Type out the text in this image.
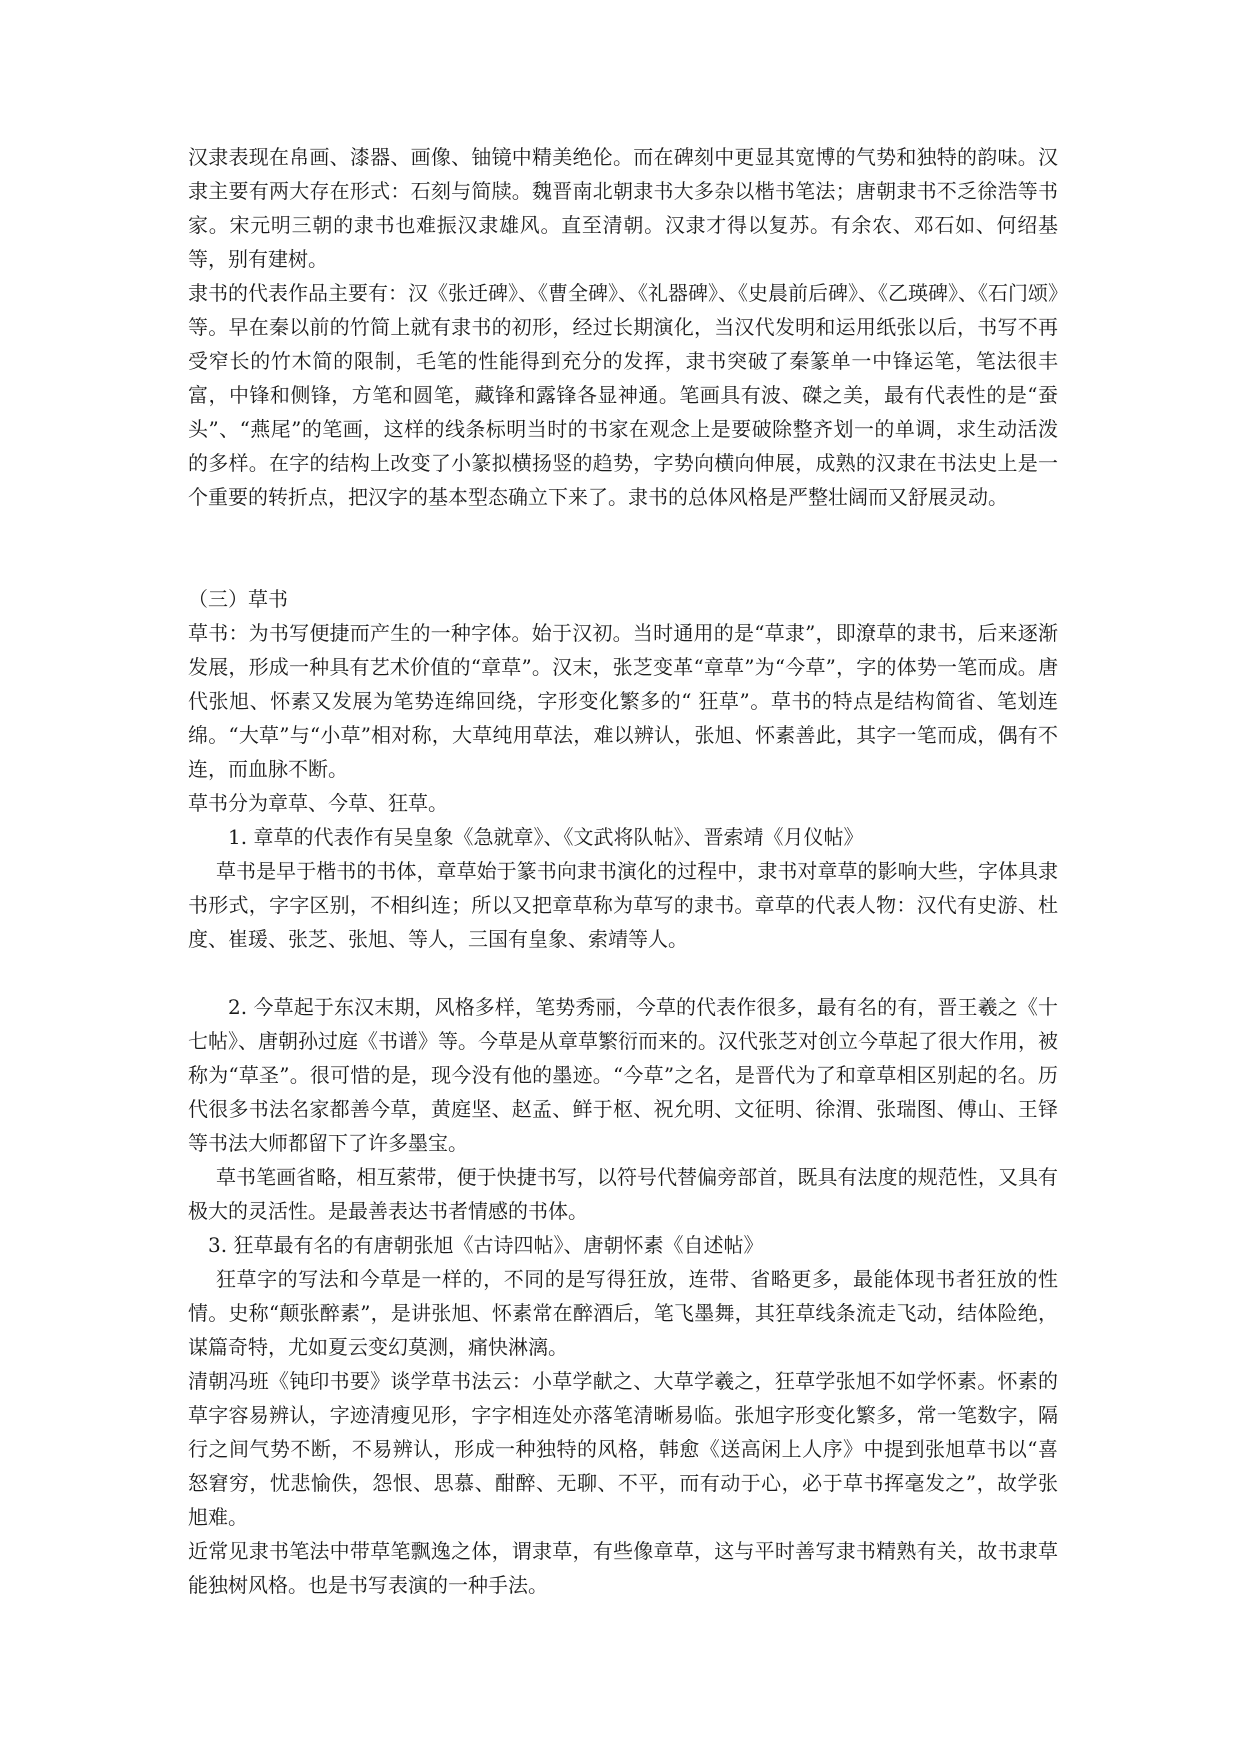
汉隶表现在帛画、漆器、画像、铀镜中精美绝伦。而在碑刻中更显其宽博的气势和独特的韵味。汉隶主要有两大存在形式：石刻与简牍。魏晋南北朝隶书大多杂以楷书笔法；唐朝隶书不乏徐浩等书家。宋元明三朝的隶书也难振汉隶雄风。直至清朝。汉隶才得以复苏。有余农、邓石如、何绍基等，别有建树。

隶书的代表作品主要有：汉《张迁碑》、《曹全碑》、《礼器碑》、《史晨前后碑》、《乙瑛碑》、《石门颂》等。早在秦以前的竹简上就有隶书的初形，经过长期演化，当汉代发明和运用纸张以后，书写不再受窄长的竹木简的限制，毛笔的性能得到充分的发挥，隶书突破了秦篆单一中锋运笔，笔法很丰富，中锋和侧锋，方笔和圆笔，藏锋和露锋各显神通。笔画具有波、磔之美，最有代表性的是“蚕头”、“燕尾”的笔画，这样的线条标明当时的书家在观念上是要破除整齐划一的单调，求生动活泼的多样。在字的结构上改变了小篆拟横扬竖的趋势，字势向横向伸展，成熟的汉隶在书法史上是一个重要的转折点，把汉字的基本型态确立下来了。隶书的总体风格是严整壮阔而又舒展灵动。

（三）草书

草书：为书写便捷而产生的一种字体。始于汉初。当时通用的是“草隶”，即潦草的隶书，后来逐渐发展，形成一种具有艺术价值的“章草”。汉末，张芝变革“章草”为“今草”，字的体势一笔而成。唐代张旭、怀素又发展为笔势连绵回绕，字形变化繁多的“ 狂草”。草书的特点是结构简省、笔划连绵。“大草”与“小草”相对称，大草纯用草法，难以辨认，张旭、怀素善此，其字一笔而成，偶有不连，而血脉不断。

草书分为章草、今草、狂草。

1. 章草的代表作有吴皇象《急就章》、《文武将队帖》、晋索靖《月仪帖》

草书是早于楷书的书体，章草始于篆书向隶书演化的过程中，隶书对章草的影响大些，字体具隶书形式，字字区别，不相纠连；所以又把章草称为草写的隶书。章草的代表人物：汉代有史游、杜度、崔瑗、张芝、张旭、等人，三国有皇象、索靖等人。

2. 今草起于东汉末期，风格多样，笔势秀丽，今草的代表作很多，最有名的有，晋王羲之《十七帖》、唐朝孙过庭《书谱》等。今草是从章草繁衍而来的。汉代张芝对创立今草起了很大作用，被称为“草圣”。很可惜的是，现今没有他的墨迹。“今草”之名，是晋代为了和章草相区别起的名。历代很多书法名家都善今草，黄庭坚、赵孟、鲜于枢、祝允明、文征明、徐渭、张瑞图、傅山、王铎等书法大师都留下了许多墨宝。

草书笔画省略，相互萦带，便于快捷书写，以符号代替偏旁部首，既具有法度的规范性，又具有极大的灵活性。是最善表达书者情感的书体。

3. 狂草最有名的有唐朝张旭《古诗四帖》、唐朝怀素《自述帖》

狂草字的写法和今草是一样的，不同的是写得狂放，连带、省略更多，最能体现书者狂放的性情。史称“颠张醉素”，是讲张旭、怀素常在醉酒后，笔飞墨舞，其狂草线条流走飞动，结体险绝，谋篇奇特，尤如夏云变幻莫测，痛快淋漓。

清朝冯班《钝印书要》谈学草书法云：小草学献之、大草学羲之，狂草学张旭不如学怀素。怀素的草字容易辨认，字迹清瘦见形，字字相连处亦落笔清晰易临。张旭字形变化繁多，常一笔数字，隔行之间气势不断，不易辨认，形成一种独特的风格，韩愈《送高闲上人序》中提到张旭草书以“喜怒窘穷，忧悲愉佚，怨恨、思慕、酣醉、无聊、不平，而有动于心，必于草书挥毫发之”，故学张旭难。

近常见隶书笔法中带草笔飘逸之体，谓隶草，有些像章草，这与平时善写隶书精熟有关，故书隶草能独树风格。也是书写表演的一种手法。
